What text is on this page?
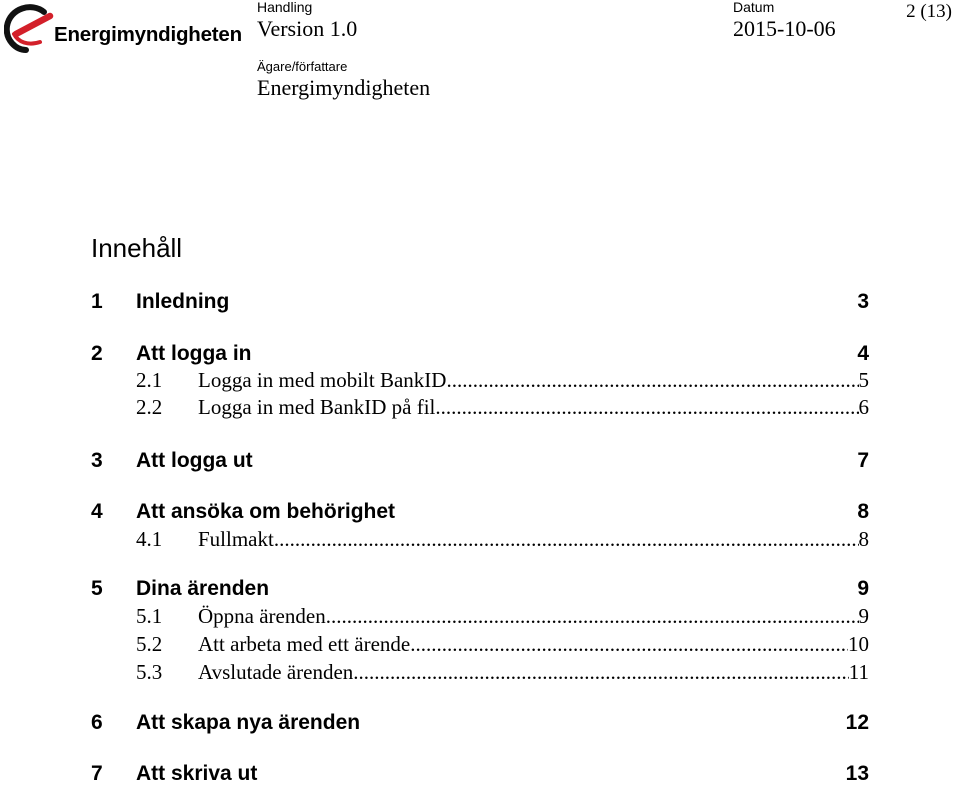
Energimyndigheten
Handling
Version 1.0
Datum
2015-10-06
2 (13)
Ägare/författare
Energimyndigheten
Innehåll
1 Inledning	3
2 Att logga in	4
2.1 Logga in med mobilt BankID .....	5
2.2 Logga in med BankID på fil .....	6
3 Att logga ut	7
4 Att ansöka om behörighet	8
4.1 Fullmakt .....	8
5 Dina ärenden	9
5.1 Öppna ärenden .....	9
5.2 Att arbeta med ett ärende .....	10
5.3 Avslutade ärenden .....	11
6 Att skapa nya ärenden	12
7 Att skriva ut	13
